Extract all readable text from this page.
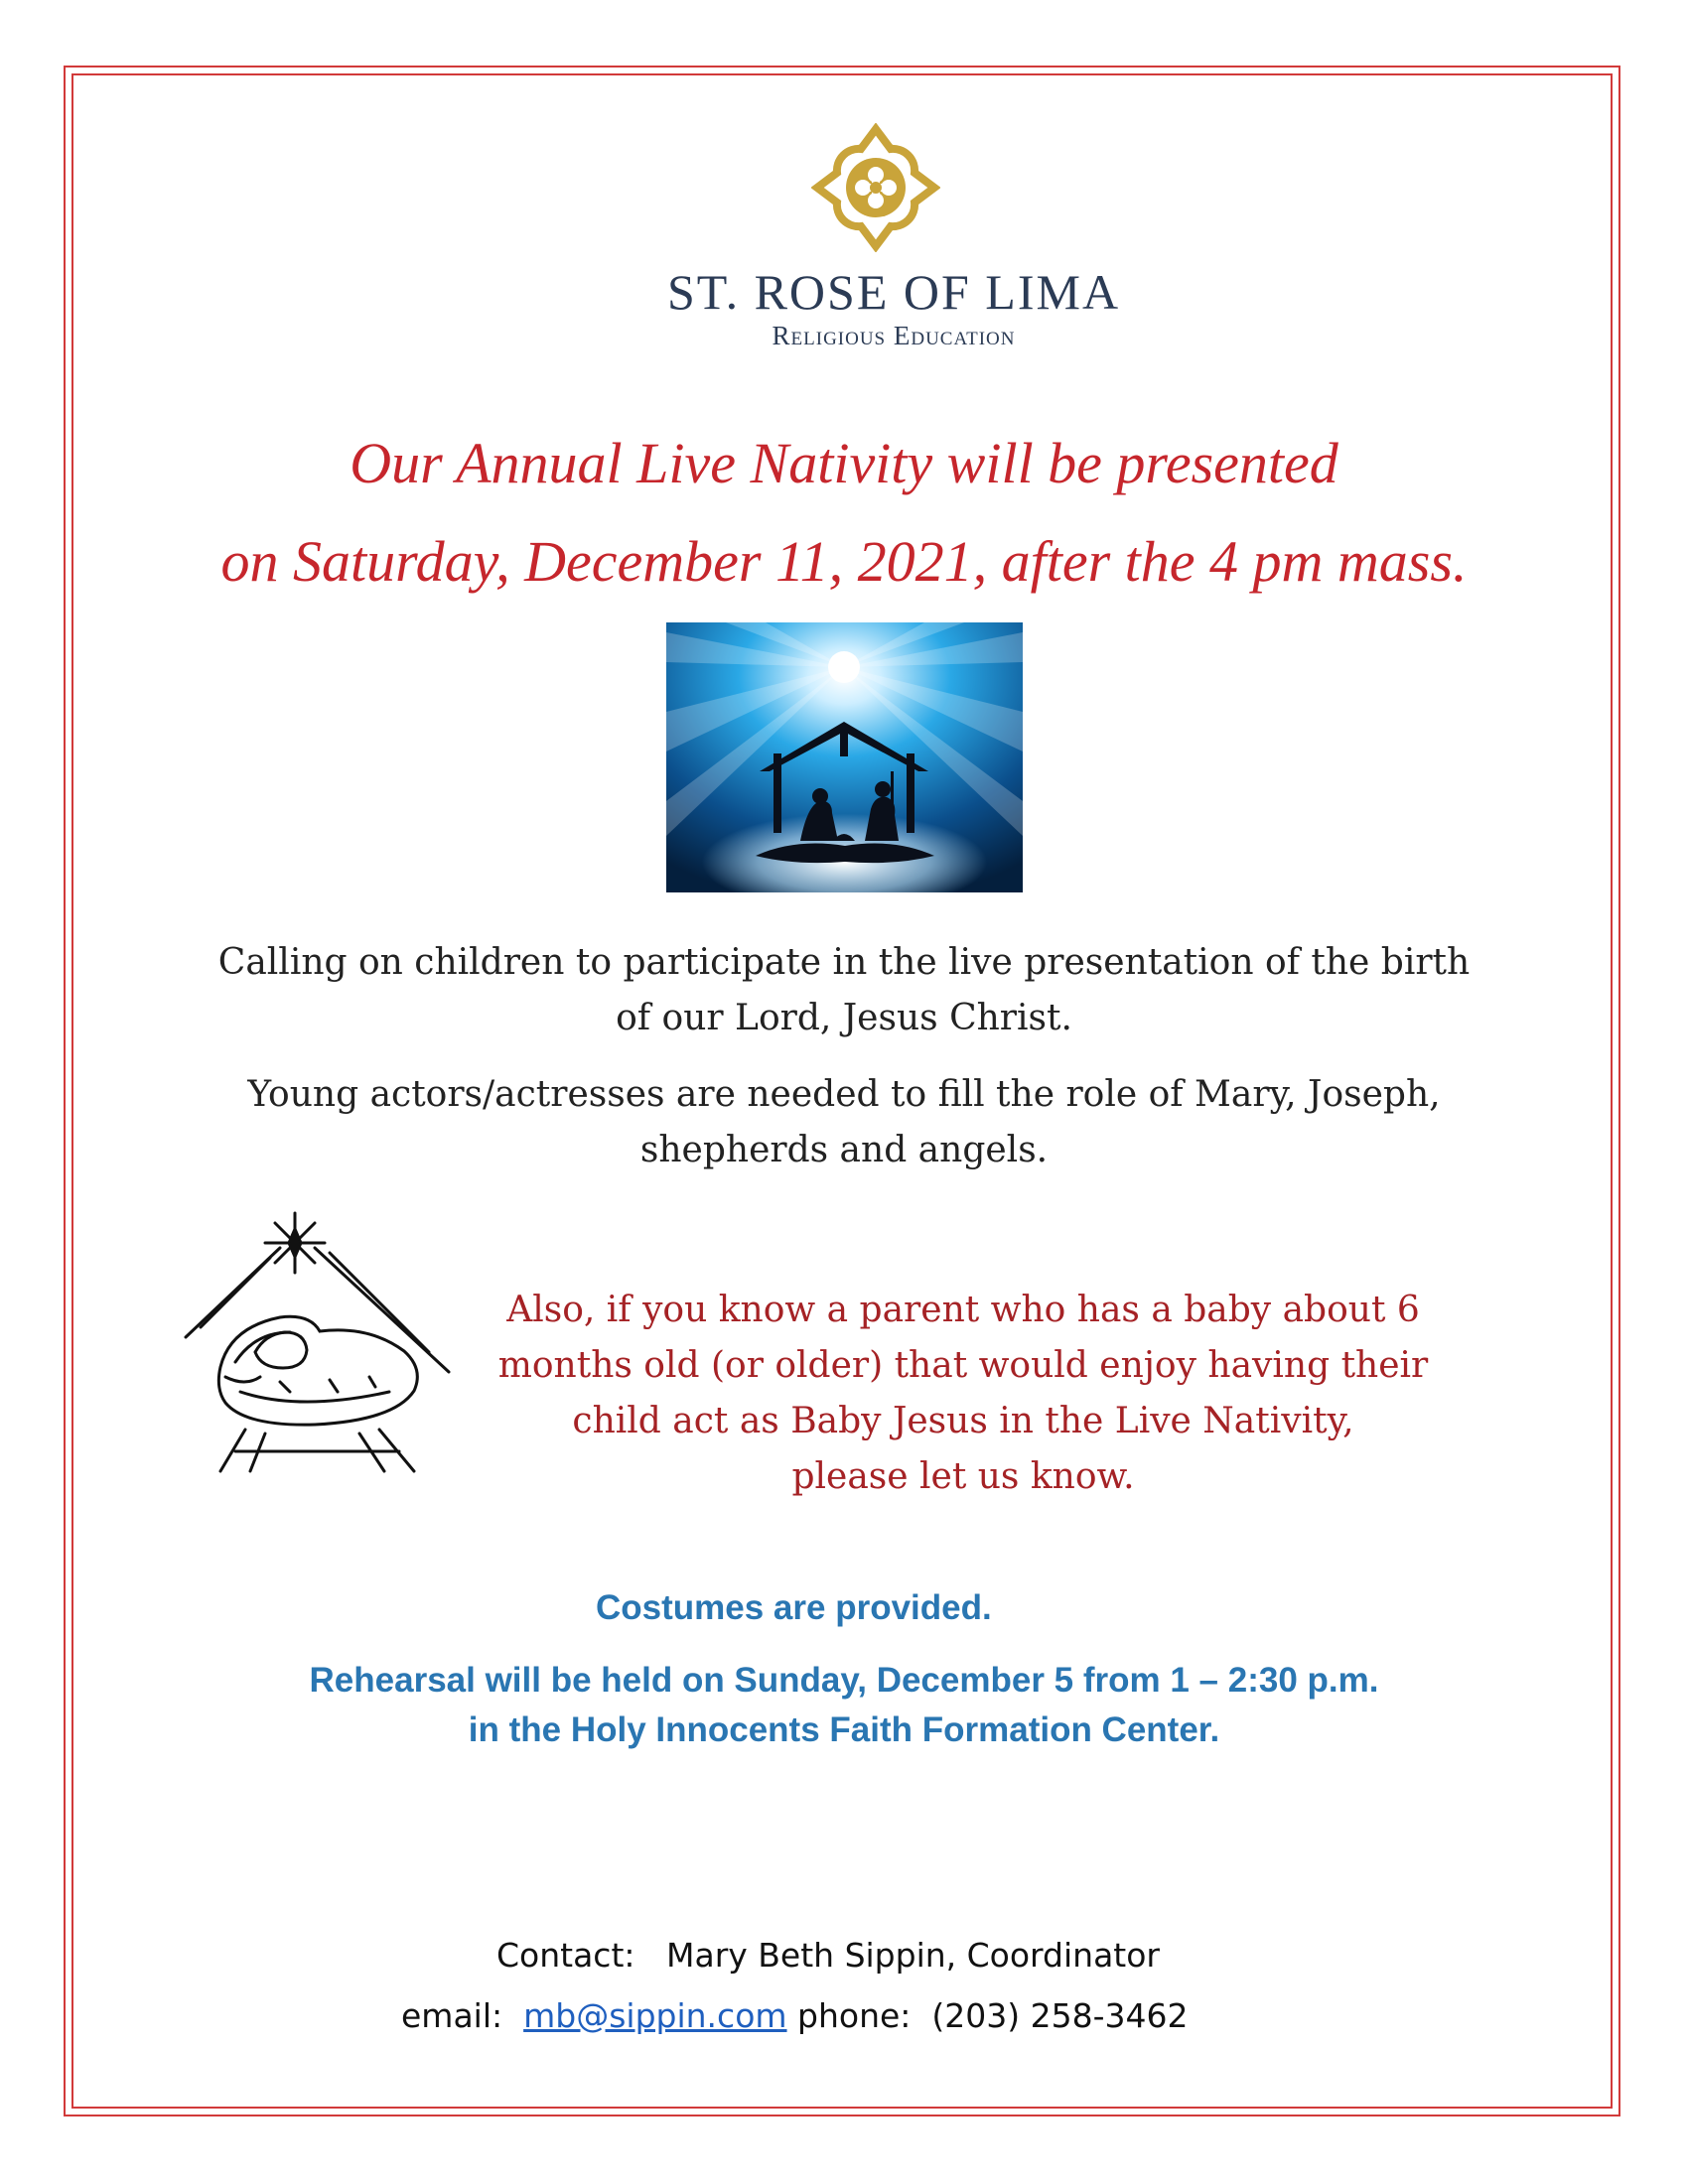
ST. ROSE OF LIMA
Religious Education
Our Annual Live Nativity will be presented
on Saturday, December 11, 2021, after the 4 pm mass.
Calling on children to participate in the live presentation of the birth
of our Lord, Jesus Christ.
Young actors/actresses are needed to fill the role of Mary, Joseph,
shepherds and angels.
Also, if you know a parent who has a baby about 6
months old (or older) that would enjoy having their
child act as Baby Jesus in the Live Nativity,
please let us know.
Costumes are provided.
Rehearsal will be held on Sunday, December 5 from 1 – 2:30 p.m.
in the Holy Innocents Faith Formation Center.
Contact: Mary Beth Sippin, Coordinator
email: mb@sippin.com phone: (203) 258-3462
